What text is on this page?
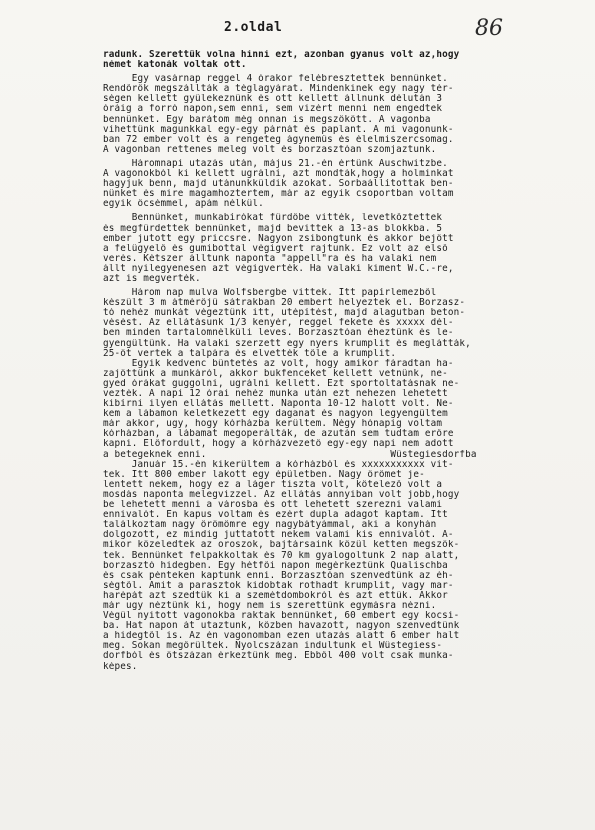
2.oldal	86
radunk. Szerettük volna hinni ezt, azonban gyanus volt az,hogy
német katonák voltak ott.
Egy vasárnap reggel 4 órakor felébresztettek bennünket.
Rendőrök megszállták a téglagyárat. Mindenkinek egy nagy tér-
ségen kellett gyülekeznünk és ott kellett állnunk délután 3
óráig a forró napon,sem enni, sem vizért menni nem engedtek
bennünket. Egy barátom még onnan is megszökött. A vagonba
vihettünk magunkkal egy-egy párnát és paplant. A mi vagonunk-
ban 72 ember volt és a rengeteg ágyneműs és élelmiszercsomag.
A vagonban rettenes meleg volt és borzasztóan szomjaztunk.
Háromnapi utazás után, május 21.-én értünk Auschwitzbe.
A vagonokból ki kellett ugrálni, azt mondták,hogy a holminkat
hagyjuk benn, majd utánunkküldik azokat. Sorbaállítottak ben-
nünket és mire magamhoztertem, már az egyik csoportban voltam
egyik öcsémmel, apám nélkül.
Bennünket, munkabírókat fürdőbe vitték, levetkőztettek
és megfürdettek bennünket, majd bevittek a 13-as blokkba. 5
ember jutott egy priccsre. Nagyon zsibongtunk és akkor bejött
a felügyelő és gumibottal végigvert rajtunk. Ez volt az első
verés. Kétszer álltunk naponta "appell"ra és ha valaki nem
állt nyilegyenesen azt végigverték. Ha valaki kiment W.C.-re,
azt is megverték.
Három nap mulva Wolfsbergbe vittek. Itt papírlemezből
készült 3 m átmérőjü sátrakban 20 embert helyeztek el. Borzasz-
tó nehéz munkát végeztünk itt, utépítést, majd alagutban beton-
vésést. Az ellátásunk 1/3 kenyér, reggel fekete és xxxxx dél-
ben minden tartalomnélküli leves. Borzasztóan éheztünk és le-
gyengültünk. Ha valaki szerzett egy nyers krumplit és meglátták,
25-öt vertek a talpára és elvették tőle a krumplit.
Egyik kedvenc büntetés az volt, hogy amikor fáradtan ha-
zajöttünk a munkáról, akkor bukfenceket kellett vetnünk, ne-
gyed órákat guggolni, ugrálni kellett. Ezt sportoltatásnak ne-
vezték. A napi 12 órai nehéz munka után ezt nehezen lehetett
kibírni ilyen ellátás mellett. Naponta 10-12 halott volt. Ne-
kem a lábamon keletkezett egy daganat és nagyon legyengültem
már akkor, ugy, hogy kórházba kerültem. Négy hónapig voltam
kórházban, a lábamat megoperálták, de azután sem tudtam erőre
kapni. Előfordult, hogy a kórházvezető egy-egy napi nem adott
a betegeknek enni.                                Wüstegiesdorfba
Január 15.-én kikerültem a kórházból és xxxxxxxxxxx vit-
tek. Itt 800 ember lakott egy épületben. Nagy örömet je-
lentett nekem, hogy ez a láger tiszta volt, kötelező volt a
mosdás naponta melegvizzel. Az ellátás annyiban volt jobb,hogy
be lehetett menni a városba és ott lehetett szerezni valami
ennivalót. Én kapus voltam és ezért dupla adagot kaptam. Itt
találkoztam nagy örömömre egy nagybátyámmal, aki a konyhán
dolgozott, ez mindig juttatott nekem valami kis ennivalót. A-
mikor közeledtek az oroszok, bajtársaink közül ketten megszök-
tek. Bennünket felpakkoltak és 70 km gyalogoltunk 2 nap alatt,
borzasztó hidegben. Egy hétfői napon megérkeztünk Qualischba
és csak pénteken kaptunk enni. Borzasztóan szenvedtünk az éh-
ségtől. Amit a parasztok kidobtak rothadt krumplit, vagy mar-
harépát azt szedtük ki a szemétdombokról és azt ettük. Akkor
már ugy néztünk ki, hogy nem is szerettünk egymásra nézni.
Végül nyitott vagonokba raktak bennünket, 60 embert egy kocsi-
ba. Hat napon át utaztunk, közben havazott, nagyon szenvedtünk
a hidegtől is. Az én vagonomban ezen utazás alatt 6 ember halt
meg. Sokan megőrültek. Nyolcszázan indultunk el Wüstegiess-
dorfból és ötszázan érkeztünk meg. Ebből 400 volt csak munka-
képes.
